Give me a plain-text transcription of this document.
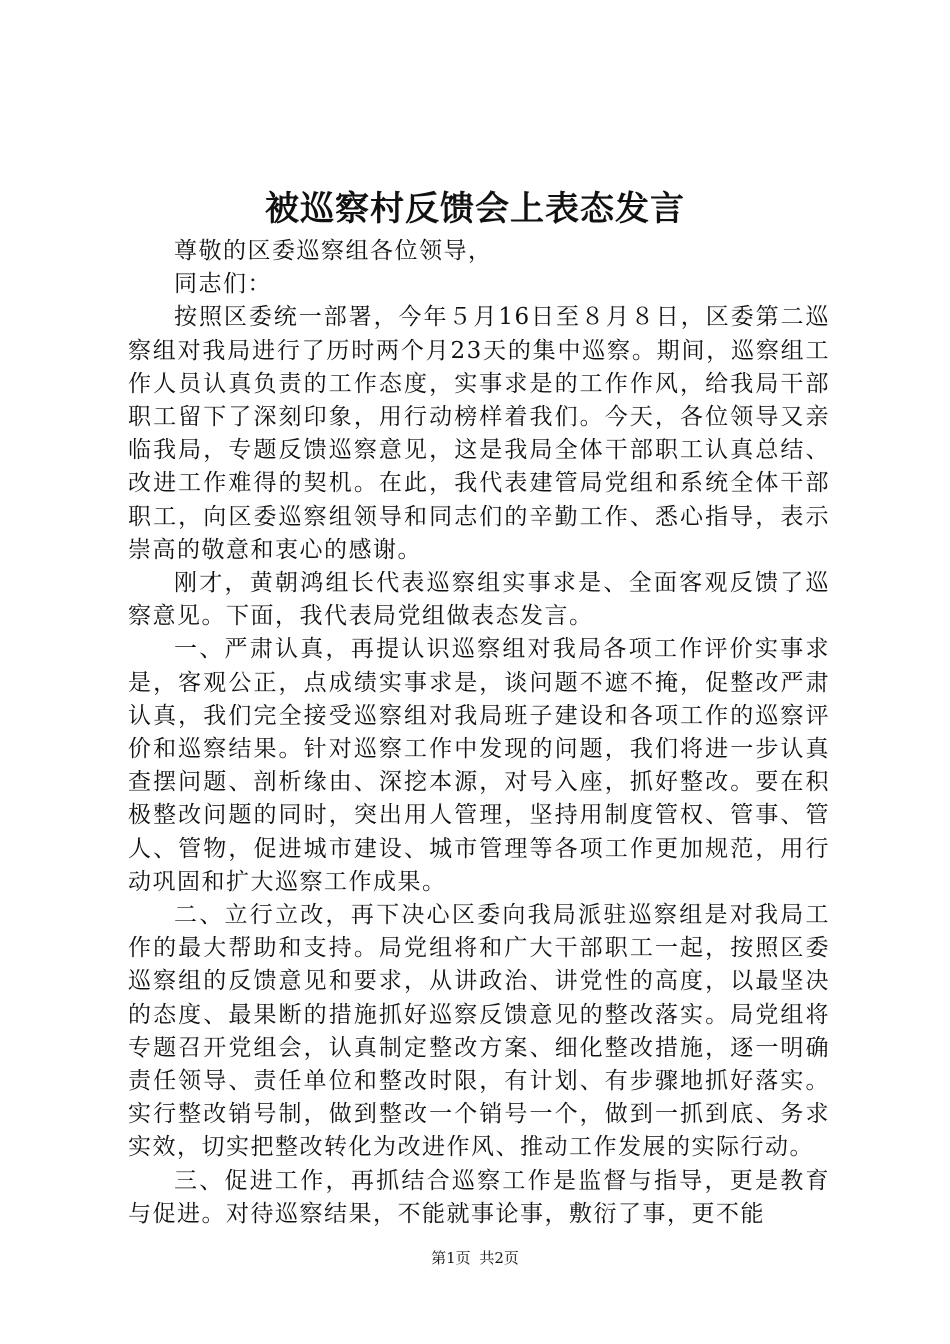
被巡察村反馈会上表态发言

尊敬的区委巡察组各位领导，

同志们：

按照区委统一部署，今年５月16日至８月８日，区委第二巡察组对我局进行了历时两个月23天的集中巡察。期间，巡察组工作人员认真负责的工作态度，实事求是的工作作风，给我局干部职工留下了深刻印象，用行动榜样着我们。今天，各位领导又亲临我局，专题反馈巡察意见，这是我局全体干部职工认真总结、改进工作难得的契机。在此，我代表建管局党组和系统全体干部职工，向区委巡察组领导和同志们的辛勤工作、悉心指导，表示崇高的敬意和衷心的感谢。

刚才，黄朝鸿组长代表巡察组实事求是、全面客观反馈了巡察意见。下面，我代表局党组做表态发言。

一、严肃认真，再提认识巡察组对我局各项工作评价实事求是，客观公正，点成绩实事求是，谈问题不遮不掩，促整改严肃认真，我们完全接受巡察组对我局班子建设和各项工作的巡察评价和巡察结果。针对巡察工作中发现的问题，我们将进一步认真查摆问题、剖析缘由、深挖本源，对号入座，抓好整改。要在积极整改问题的同时，突出用人管理，坚持用制度管权、管事、管人、管物，促进城市建设、城市管理等各项工作更加规范，用行动巩固和扩大巡察工作成果。

二、立行立改，再下决心区委向我局派驻巡察组是对我局工作的最大帮助和支持。局党组将和广大干部职工一起，按照区委巡察组的反馈意见和要求，从讲政治、讲党性的高度，以最坚决的态度、最果断的措施抓好巡察反馈意见的整改落实。局党组将专题召开党组会，认真制定整改方案、细化整改措施，逐一明确责任领导、责任单位和整改时限，有计划、有步骤地抓好落实。实行整改销号制，做到整改一个销号一个，做到一抓到底、务求实效，切实把整改转化为改进作风、推动工作发展的实际行动。

三、促进工作，再抓结合巡察工作是监督与指导，更是教育与促进。对待巡察结果，不能就事论事，敷衍了事，更不能

第1页 共2页
